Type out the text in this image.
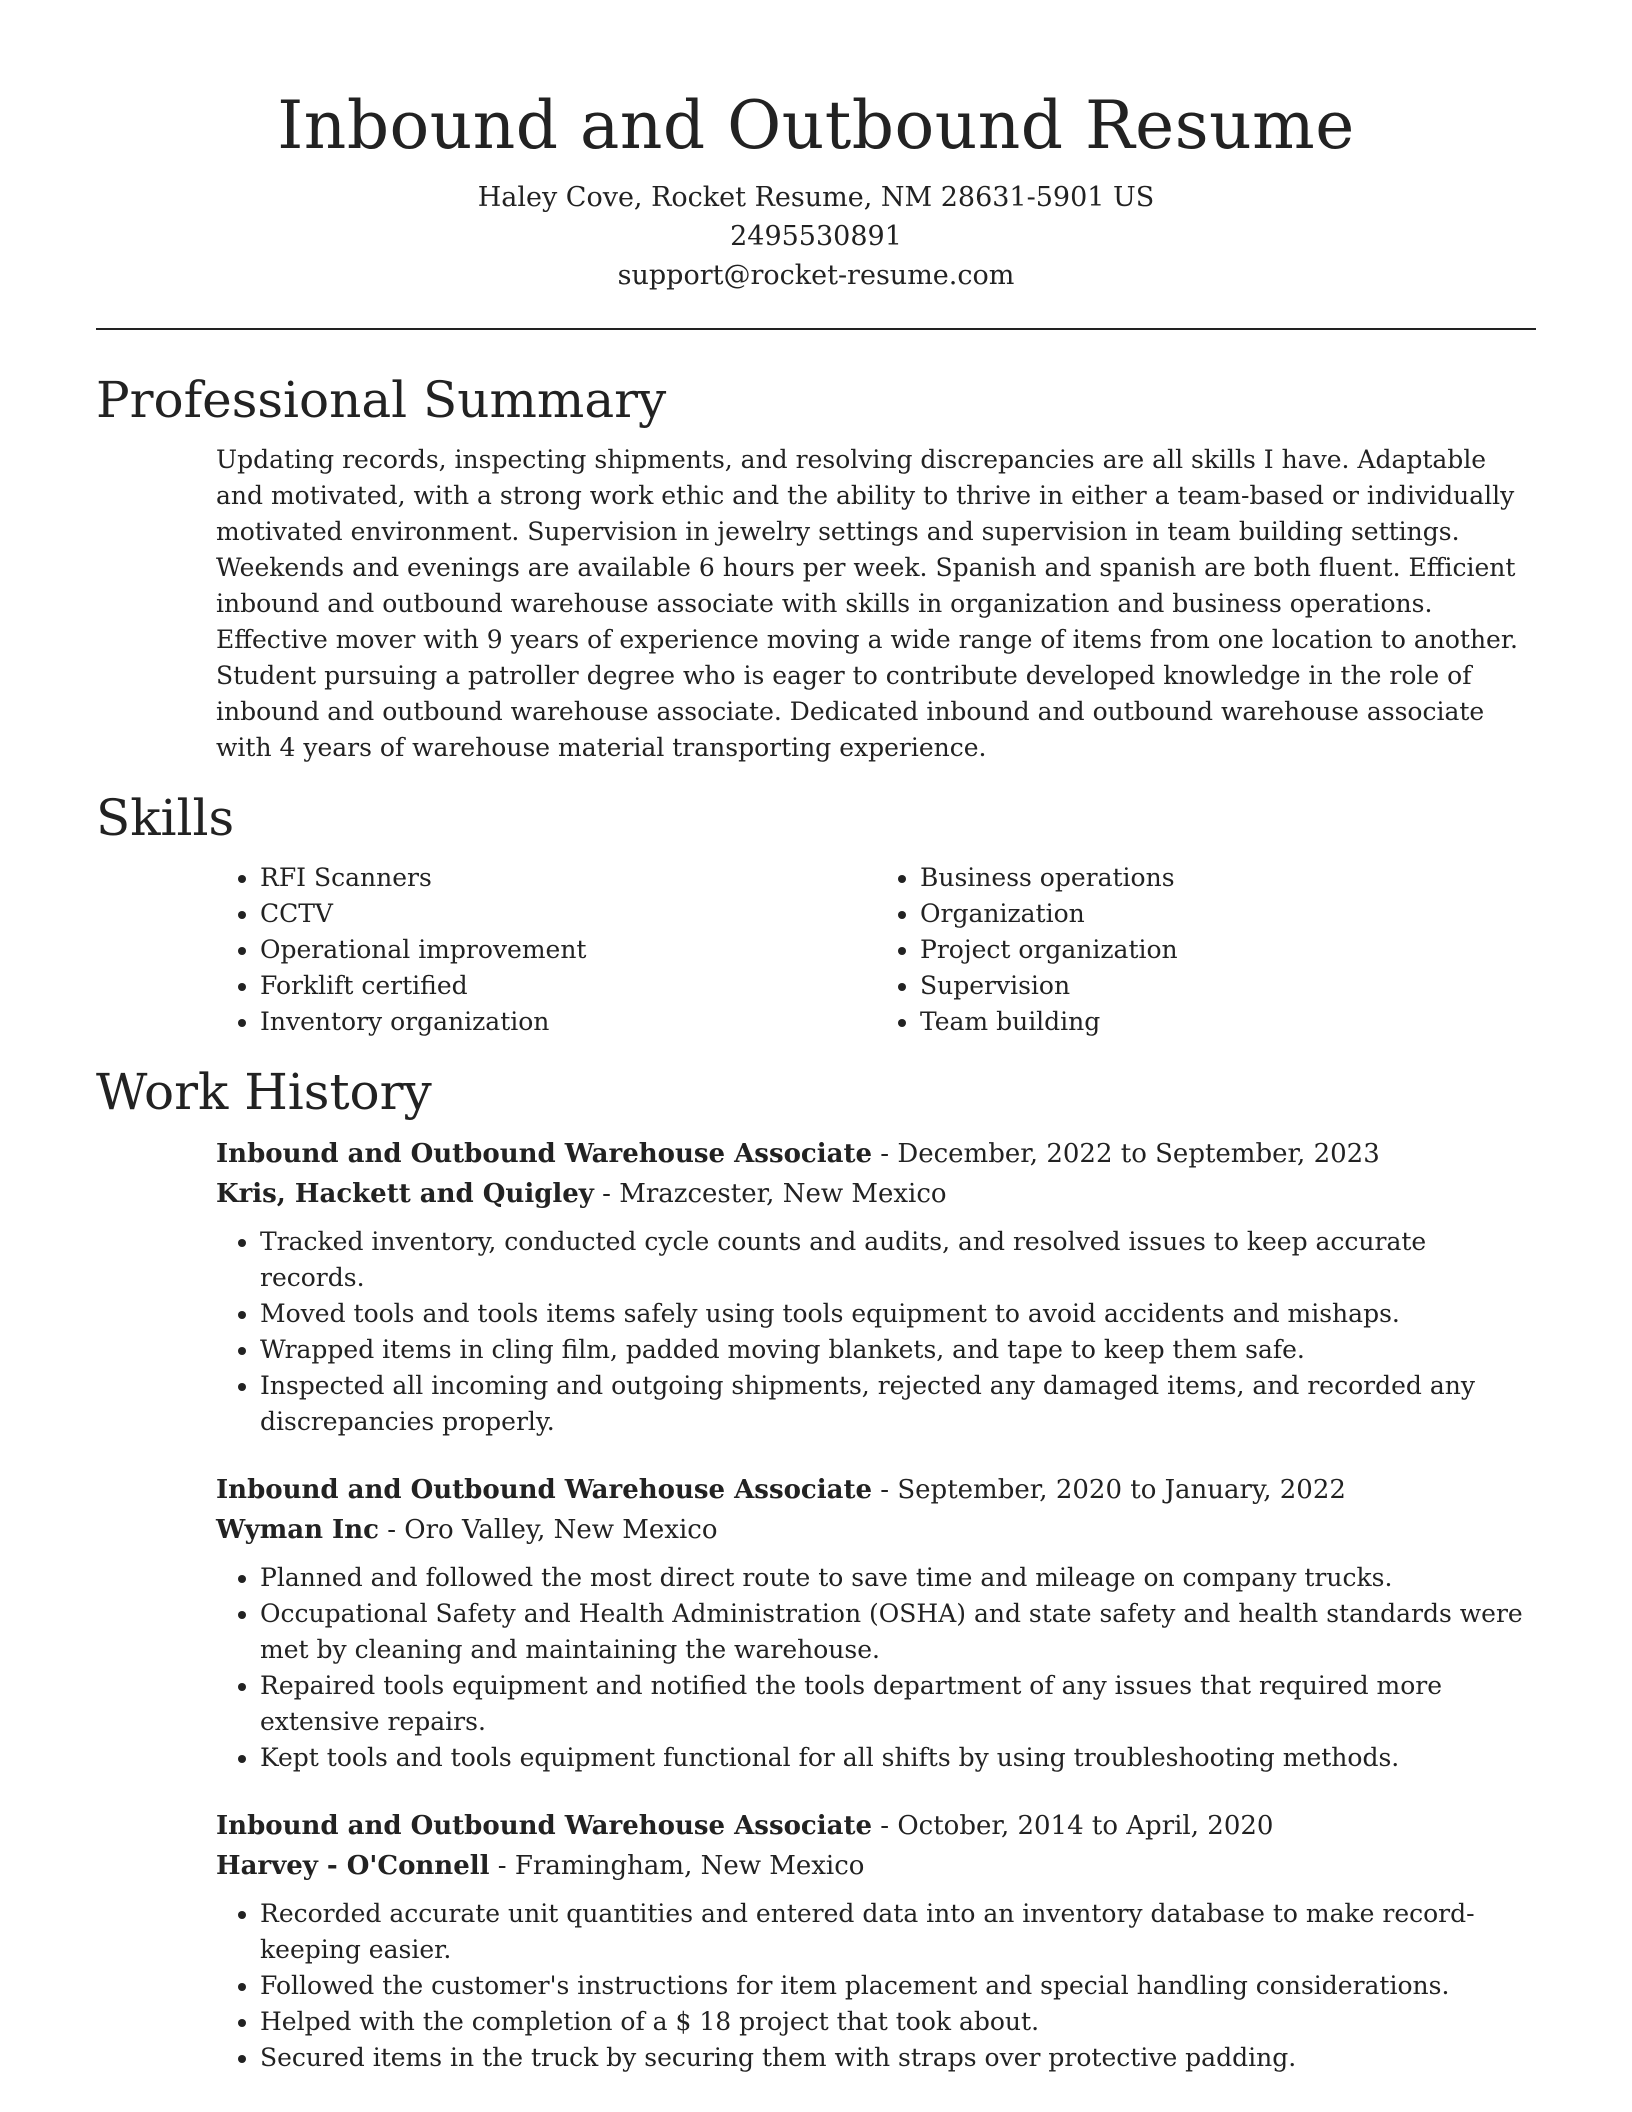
Inbound and Outbound Resume

Haley Cove, Rocket Resume, NM 28631-5901 US

2495530891

support@rocket-resume.com

Professional Summary

Updating records, inspecting shipments, and resolving discrepancies are all skills I have. Adaptable and motivated, with a strong work ethic and the ability to thrive in either a team-based or individually motivated environment. Supervision in jewelry settings and supervision in team building settings. Weekends and evenings are available 6 hours per week. Spanish and spanish are both fluent. Efficient inbound and outbound warehouse associate with skills in organization and business operations. Effective mover with 9 years of experience moving a wide range of items from one location to another. Student pursuing a patroller degree who is eager to contribute developed knowledge in the role of inbound and outbound warehouse associate. Dedicated inbound and outbound warehouse associate with 4 years of warehouse material transporting experience.

Skills
• RFI Scanners
• CCTV
• Operational improvement
• Forklift certified
• Inventory organization
• Business operations
• Organization
• Project organization
• Supervision
• Team building
Work History

Inbound and Outbound Warehouse Associate - December, 2022 to September, 2023

Kris, Hackett and Quigley - Mrazcester, New Mexico

• Tracked inventory, conducted cycle counts and audits, and resolved issues to keep accurate records.
• Moved tools and tools items safely using tools equipment to avoid accidents and mishaps.
• Wrapped items in cling film, padded moving blankets, and tape to keep them safe.
• Inspected all incoming and outgoing shipments, rejected any damaged items, and recorded any discrepancies properly.

Inbound and Outbound Warehouse Associate - September, 2020 to January, 2022

Wyman Inc - Oro Valley, New Mexico

• Planned and followed the most direct route to save time and mileage on company trucks.
• Occupational Safety and Health Administration (OSHA) and state safety and health standards were met by cleaning and maintaining the warehouse.
• Repaired tools equipment and notified the tools department of any issues that required more extensive repairs.
• Kept tools and tools equipment functional for all shifts by using troubleshooting methods.

Inbound and Outbound Warehouse Associate - October, 2014 to April, 2020

Harvey - O'Connell - Framingham, New Mexico

• Recorded accurate unit quantities and entered data into an inventory database to make record-keeping easier.
• Followed the customer's instructions for item placement and special handling considerations.
• Helped with the completion of a $ 18 project that took about.
• Secured items in the truck by securing them with straps over protective padding.
